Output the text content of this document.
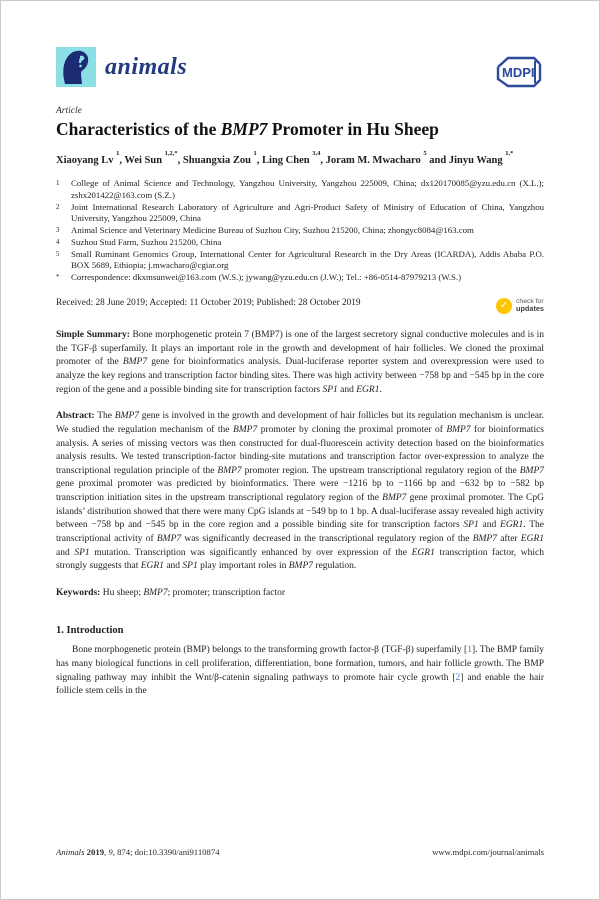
animals	MDPI
Article
Characteristics of the BMP7 Promoter in Hu Sheep
Xiaoyang Lv $^1$, Wei Sun $^{1,2,*}$, Shuangxia Zou $^1$, Ling Chen $^{3,4}$, Joram M. Mwacharo $^5$ and Jinyu Wang $^{1,*}$
1	College of Animal Science and Technology, Yangzhou University, Yangzhou 225009, China; dx120170085@yzu.edu.cn (X.L.); zshx201422@163.com (S.Z.)
2	Joint International Research Laboratory of Agriculture and Agri-Product Safety of Ministry of Education of China, Yangzhou University, Yangzhou 225009, China
3	Animal Science and Veterinary Medicine Bureau of Suzhou City, Suzhou 215200, China; zhongyc8084@163.com
4	Suzhou Stud Farm, Suzhou 215200, China
5	Small Ruminant Genomics Group, International Center for Agricultural Research in the Dry Areas (ICARDA), Addis Ababa P.O. BOX 5689, Ethiopia; j.mwacharo@cgiar.org
*	Correspondence: dkxmsunwei@163.com (W.S.); jywang@yzu.edu.cn (J.W.); Tel.: +86-0514-87979213 (W.S.)
Received: 28 June 2019; Accepted: 11 October 2019; Published: 28 October 2019	✓	check for
updates

Simple Summary: Bone morphogenetic protein 7 (BMP7) is one of the largest secretory signal conductive molecules and is in the TGF-β superfamily. It plays an important role in the growth and development of hair follicles. We cloned the proximal promoter of the BMP7 gene for bioinformatics analysis. Dual-luciferase reporter system and overexpression were used to analyze the key regions and transcription factor binding sites. There was high activity between −758 bp and −545 bp in the core region of the gene and a possible binding site for transcription factors SP1 and EGR1.

Abstract: The BMP7 gene is involved in the growth and development of hair follicles but its regulation mechanism is unclear. We studied the regulation mechanism of the BMP7 promoter by cloning the proximal promoter of BMP7 for bioinformatics analysis. A series of missing vectors was then constructed for dual-fluorescein activity detection based on the bioinformatics analysis results. We tested transcription-factor binding-site mutations and transcription factor over-expression to analyze the transcriptional regulation principle of the BMP7 promoter region. The upstream transcriptional regulatory region of the BMP7 gene proximal promoter was predicted by bioinformatics. There were −1216 bp to −1166 bp and −632 bp to −582 bp transcription initiation sites in the upstream transcriptional regulatory region of the BMP7 gene proximal promoter. The CpG islands’ distribution showed that there were many CpG islands at −549 bp to 1 bp. A dual-luciferase assay revealed high activity between −758 bp and −545 bp in the core region and a possible binding site for transcription factors SP1 and EGR1. The transcriptional activity of BMP7 was significantly decreased in the transcriptional regulatory region of the BMP7 after EGR1 and SP1 mutation. Transcription was significantly enhanced by over expression of the EGR1 transcription factor, which strongly suggests that EGR1 and SP1 play important roles in BMP7 regulation.

Keywords: Hu sheep; BMP7; promoter; transcription factor

1. Introduction

Bone morphogenetic protein (BMP) belongs to the transforming growth factor-β (TGF-β) superfamily [1]. The BMP family has many biological functions in cell proliferation, differentiation, bone formation, tumors, and hair follicle growth. The BMP signaling pathway may inhibit the Wnt/β-catenin signaling pathways to promote hair cycle growth [2] and enable the hair follicle stem cells in the

Animals 2019, 9, 874; doi:10.3390/ani9110874	www.mdpi.com/journal/animals
